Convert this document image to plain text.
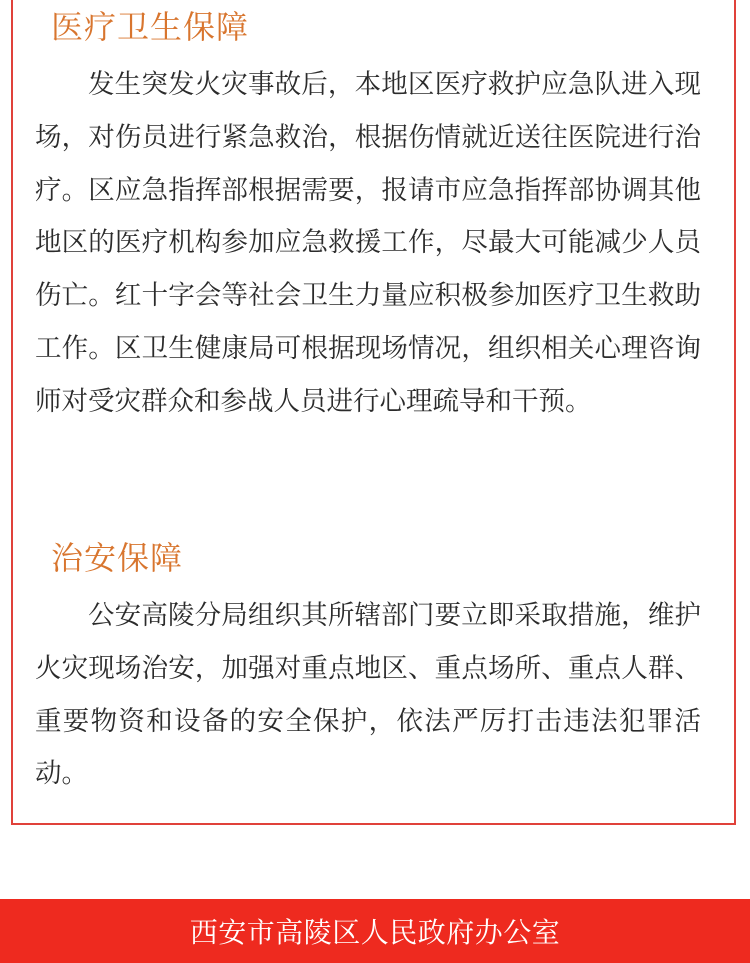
医疗卫生保障

发生突发火灾事故后，本地区医疗救护应急队进入现场，对伤员进行紧急救治，根据伤情就近送往医院进行治疗。区应急指挥部根据需要，报请市应急指挥部协调其他地区的医疗机构参加应急救援工作，尽最大可能减少人员伤亡。红十字会等社会卫生力量应积极参加医疗卫生救助工作。区卫生健康局可根据现场情况，组织相关心理咨询师对受灾群众和参战人员进行心理疏导和干预。

治安保障

公安高陵分局组织其所辖部门要立即采取措施，维护火灾现场治安，加强对重点地区、重点场所、重点人群、重要物资和设备的安全保护，依法严厉打击违法犯罪活动。

西安市高陵区人民政府办公室
